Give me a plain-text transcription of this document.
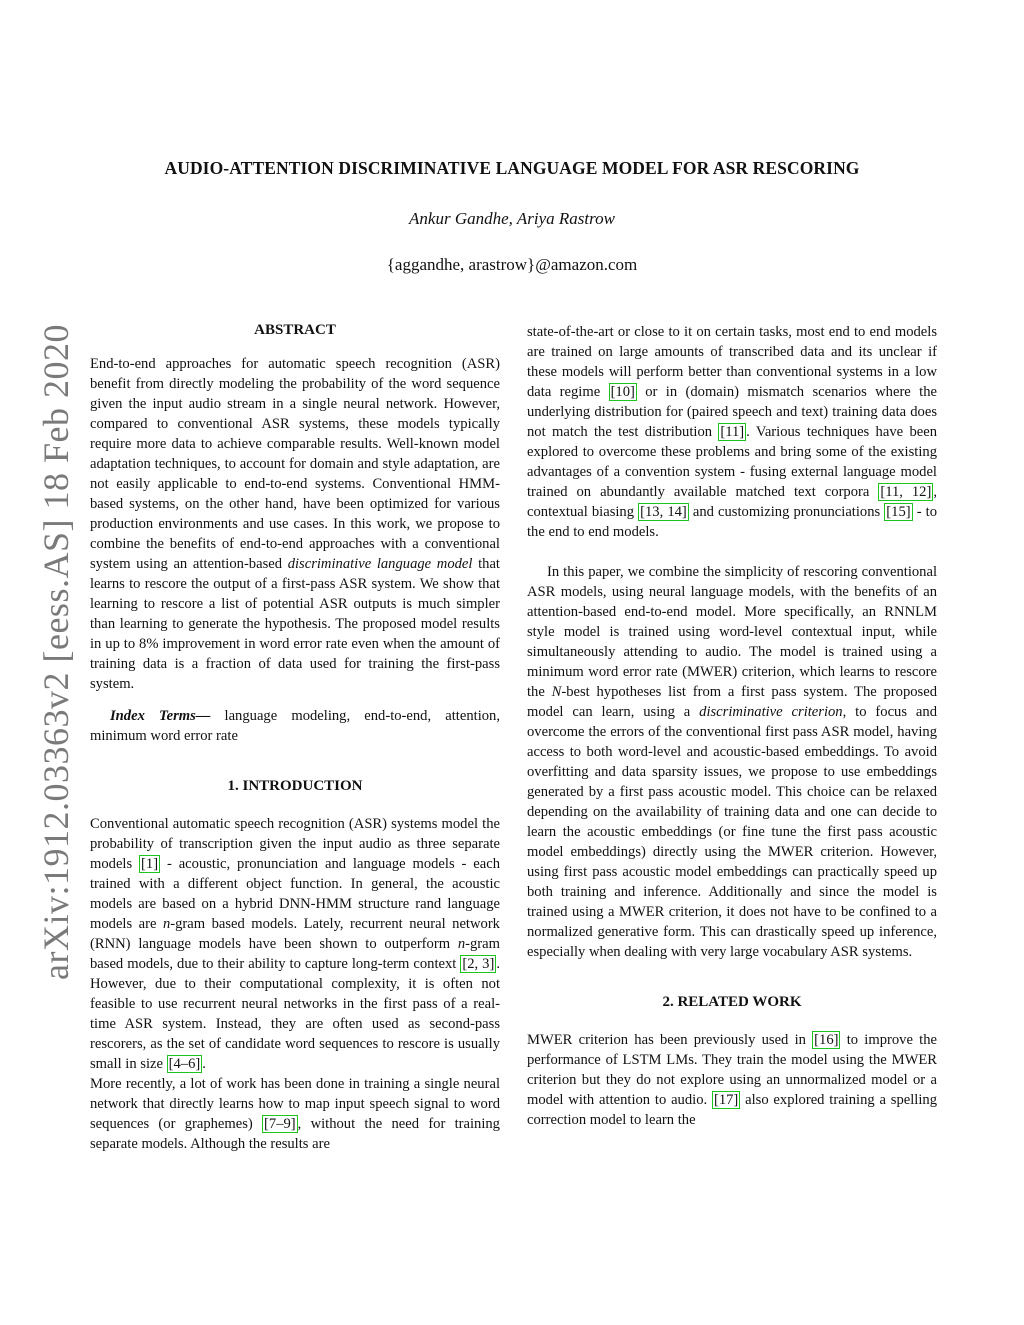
arXiv:1912.03363v2 [eess.AS] 18 Feb 2020
AUDIO-ATTENTION DISCRIMINATIVE LANGUAGE MODEL FOR ASR RESCORING
Ankur Gandhe, Ariya Rastrow
{aggandhe, arastrow}@amazon.com
ABSTRACT

End-to-end approaches for automatic speech recognition (ASR) benefit from directly modeling the probability of the word sequence given the input audio stream in a single neural network. However, compared to conventional ASR systems, these models typically require more data to achieve comparable results. Well-known model adaptation techniques, to account for domain and style adaptation, are not easily applicable to end-to-end systems. Conventional HMM-based systems, on the other hand, have been optimized for various production environments and use cases. In this work, we propose to combine the benefits of end-to-end approaches with a conventional system using an attention-based discriminative language model that learns to rescore the output of a first-pass ASR system. We show that learning to rescore a list of potential ASR outputs is much simpler than learning to generate the hypothesis. The proposed model results in up to 8% improvement in word error rate even when the amount of training data is a fraction of data used for training the first-pass system.

Index Terms— language modeling, end-to-end, attention, minimum word error rate

1. INTRODUCTION

Conventional automatic speech recognition (ASR) systems model the probability of transcription given the input audio as three separate models [1] - acoustic, pronunciation and language models - each trained with a different object function. In general, the acoustic models are based on a hybrid DNN-HMM structure rand language models are n-gram based models. Lately, recurrent neural network (RNN) language models have been shown to outperform n-gram based models, due to their ability to capture long-term context [2, 3] . However, due to their computational complexity, it is often not feasible to use recurrent neural networks in the first pass of a real-time ASR system. Instead, they are often used as second-pass rescorers, as the set of candidate word sequences to rescore is usually small in size [4–6] .

More recently, a lot of work has been done in training a single neural network that directly learns how to map input speech signal to word sequences (or graphemes) [7–9] , without the need for training separate models. Although the results are

state-of-the-art or close to it on certain tasks, most end to end models are trained on large amounts of transcribed data and its unclear if these models will perform better than conventional systems in a low data regime [10] or in (domain) mismatch scenarios where the underlying distribution for (paired speech and text) training data does not match the test distribution [11] . Various techniques have been explored to overcome these problems and bring some of the existing advantages of a convention system - fusing external language model trained on abundantly available matched text corpora [11, 12] , contextual biasing [13, 14] and customizing pronunciations [15] - to the end to end models.

In this paper, we combine the simplicity of rescoring conventional ASR models, using neural language models, with the benefits of an attention-based end-to-end model. More specifically, an RNNLM style model is trained using word-level contextual input, while simultaneously attending to audio. The model is trained using a minimum word error rate (MWER) criterion, which learns to rescore the N-best hypotheses list from a first pass system. The proposed model can learn, using a discriminative criterion, to focus and overcome the errors of the conventional first pass ASR model, having access to both word-level and acoustic-based embeddings. To avoid overfitting and data sparsity issues, we propose to use embeddings generated by a first pass acoustic model. This choice can be relaxed depending on the availability of training data and one can decide to learn the acoustic embeddings (or fine tune the first pass acoustic model embeddings) directly using the MWER criterion. However, using first pass acoustic model embeddings can practically speed up both training and inference. Additionally and since the model is trained using a MWER criterion, it does not have to be confined to a normalized generative form. This can drastically speed up inference, especially when dealing with very large vocabulary ASR systems.

2. RELATED WORK

MWER criterion has been previously used in [16] to improve the performance of LSTM LMs. They train the model using the MWER criterion but they do not explore using an unnormalized model or a model with attention to audio. [17] also explored training a spelling correction model to learn the
